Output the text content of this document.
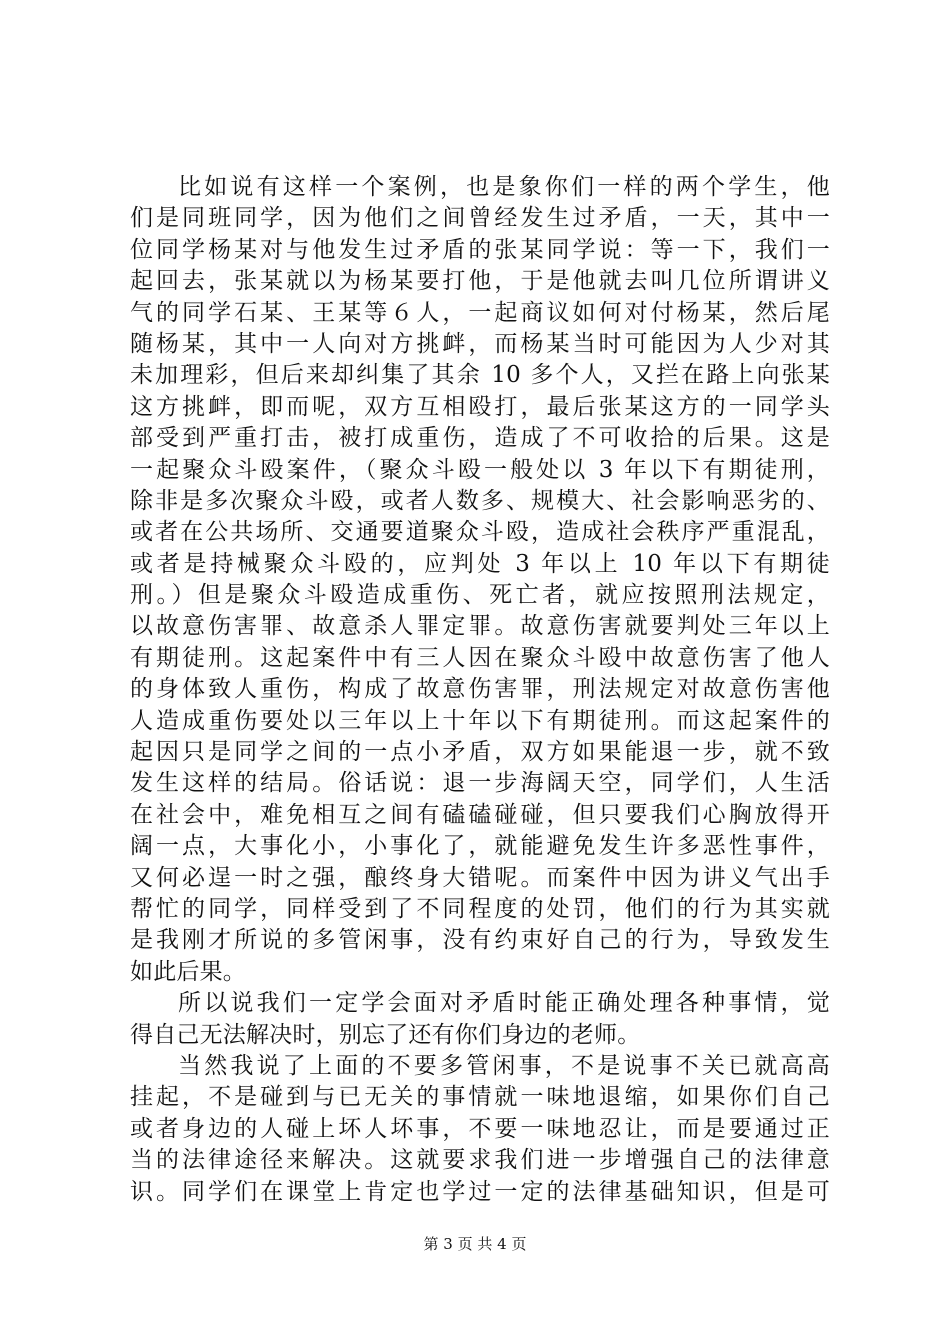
比如说有这样一个案例，也是象你们一样的两个学生，他
们是同班同学，因为他们之间曾经发生过矛盾，一天，其中一
位同学杨某对与他发生过矛盾的张某同学说：等一下，我们一
起回去，张某就以为杨某要打他，于是他就去叫几位所谓讲义
气的同学石某、王某等６人，一起商议如何对付杨某，然后尾
随杨某，其中一人向对方挑衅，而杨某当时可能因为人少对其
未加理彩，但后来却纠集了其余 10 多个人，又拦在路上向张某
这方挑衅，即而呢，双方互相殴打，最后张某这方的一同学头
部受到严重打击，被打成重伤，造成了不可收拾的后果。这是
一起聚众斗殴案件，（聚众斗殴一般处以 3 年以下有期徒刑，
除非是多次聚众斗殴，或者人数多、规模大、社会影响恶劣的、
或者在公共场所、交通要道聚众斗殴，造成社会秩序严重混乱，
或者是持械聚众斗殴的，应判处 3 年以上 10 年以下有期徒
刑。）但是聚众斗殴造成重伤、死亡者，就应按照刑法规定，
以故意伤害罪、故意杀人罪定罪。故意伤害就要判处三年以上
有期徒刑。这起案件中有三人因在聚众斗殴中故意伤害了他人
的身体致人重伤，构成了故意伤害罪，刑法规定对故意伤害他
人造成重伤要处以三年以上十年以下有期徒刑。而这起案件的
起因只是同学之间的一点小矛盾，双方如果能退一步，就不致
发生这样的结局。俗话说：退一步海阔天空，同学们，人生活
在社会中，难免相互之间有磕磕碰碰，但只要我们心胸放得开
阔一点，大事化小，小事化了，就能避免发生许多恶性事件，
又何必逞一时之强，酿终身大错呢。而案件中因为讲义气出手
帮忙的同学，同样受到了不同程度的处罚，他们的行为其实就
是我刚才所说的多管闲事，没有约束好自己的行为，导致发生
如此后果。
所以说我们一定学会面对矛盾时能正确处理各种事情，觉
得自己无法解决时，别忘了还有你们身边的老师。
当然我说了上面的不要多管闲事，不是说事不关已就高高
挂起，不是碰到与已无关的事情就一味地退缩，如果你们自己
或者身边的人碰上坏人坏事，不要一味地忍让，而是要通过正
当的法律途径来解决。这就要求我们进一步增强自己的法律意
识。同学们在课堂上肯定也学过一定的法律基础知识，但是可
第 3 页 共 4 页
